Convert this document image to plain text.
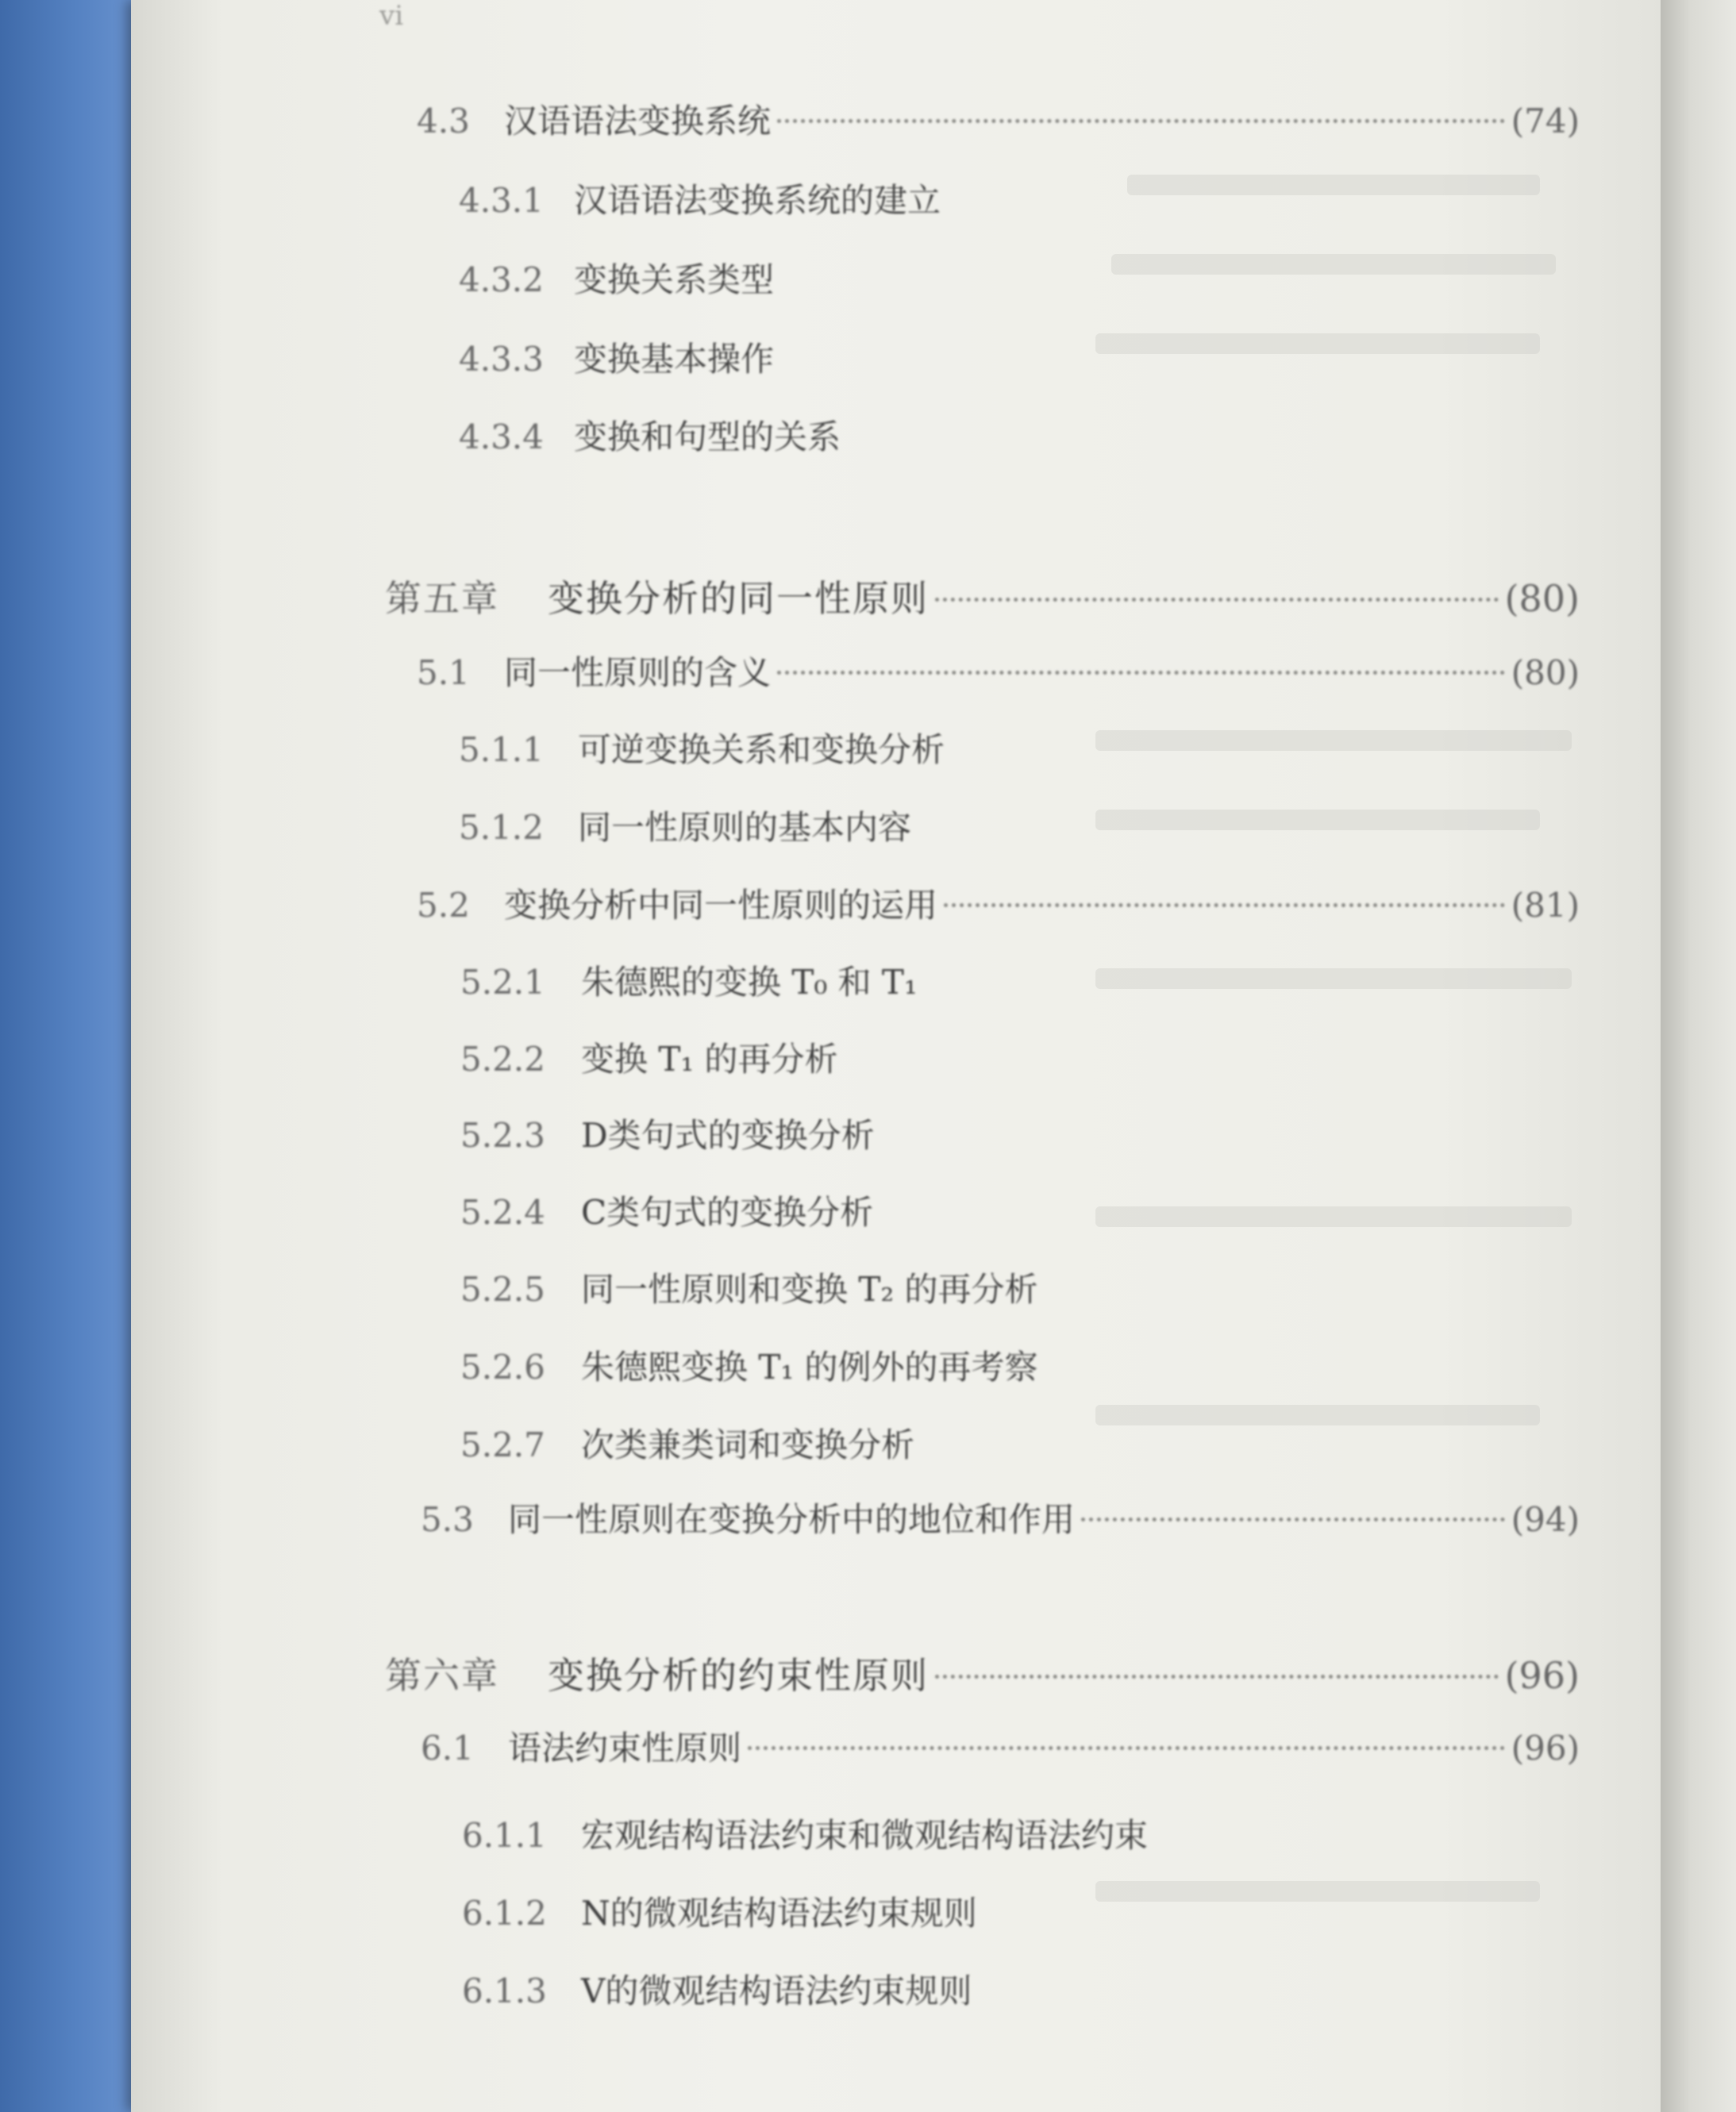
vi
4.3	汉语语法变换系统	(74)
4.3.1 汉语语法变换系统的建立
4.3.2 变换关系类型
4.3.3 变换基本操作
4.3.4 变换和句型的关系
第五章	变换分析的同一性原则	(80)
5.1	同一性原则的含义	(80)
5.1.1	可逆变换关系和变换分析
5.1.2	同一性原则的基本内容
5.2	变换分析中同一性原则的运用	(81)
5.2.1	朱德熙的变换 T₀ 和 T₁
5.2.2	变换 T₁ 的再分析
5.2.3	D类句式的变换分析
5.2.4	C类句式的变换分析
5.2.5	同一性原则和变换 T₂ 的再分析
5.2.6	朱德熙变换 T₁ 的例外的再考察
5.2.7	次类兼类词和变换分析
5.3	同一性原则在变换分析中的地位和作用	(94)
第六章	变换分析的约束性原则	(96)
6.1	语法约束性原则	(96)
6.1.1	宏观结构语法约束和微观结构语法约束
6.1.2	N的微观结构语法约束规则
6.1.3	V的微观结构语法约束规则
